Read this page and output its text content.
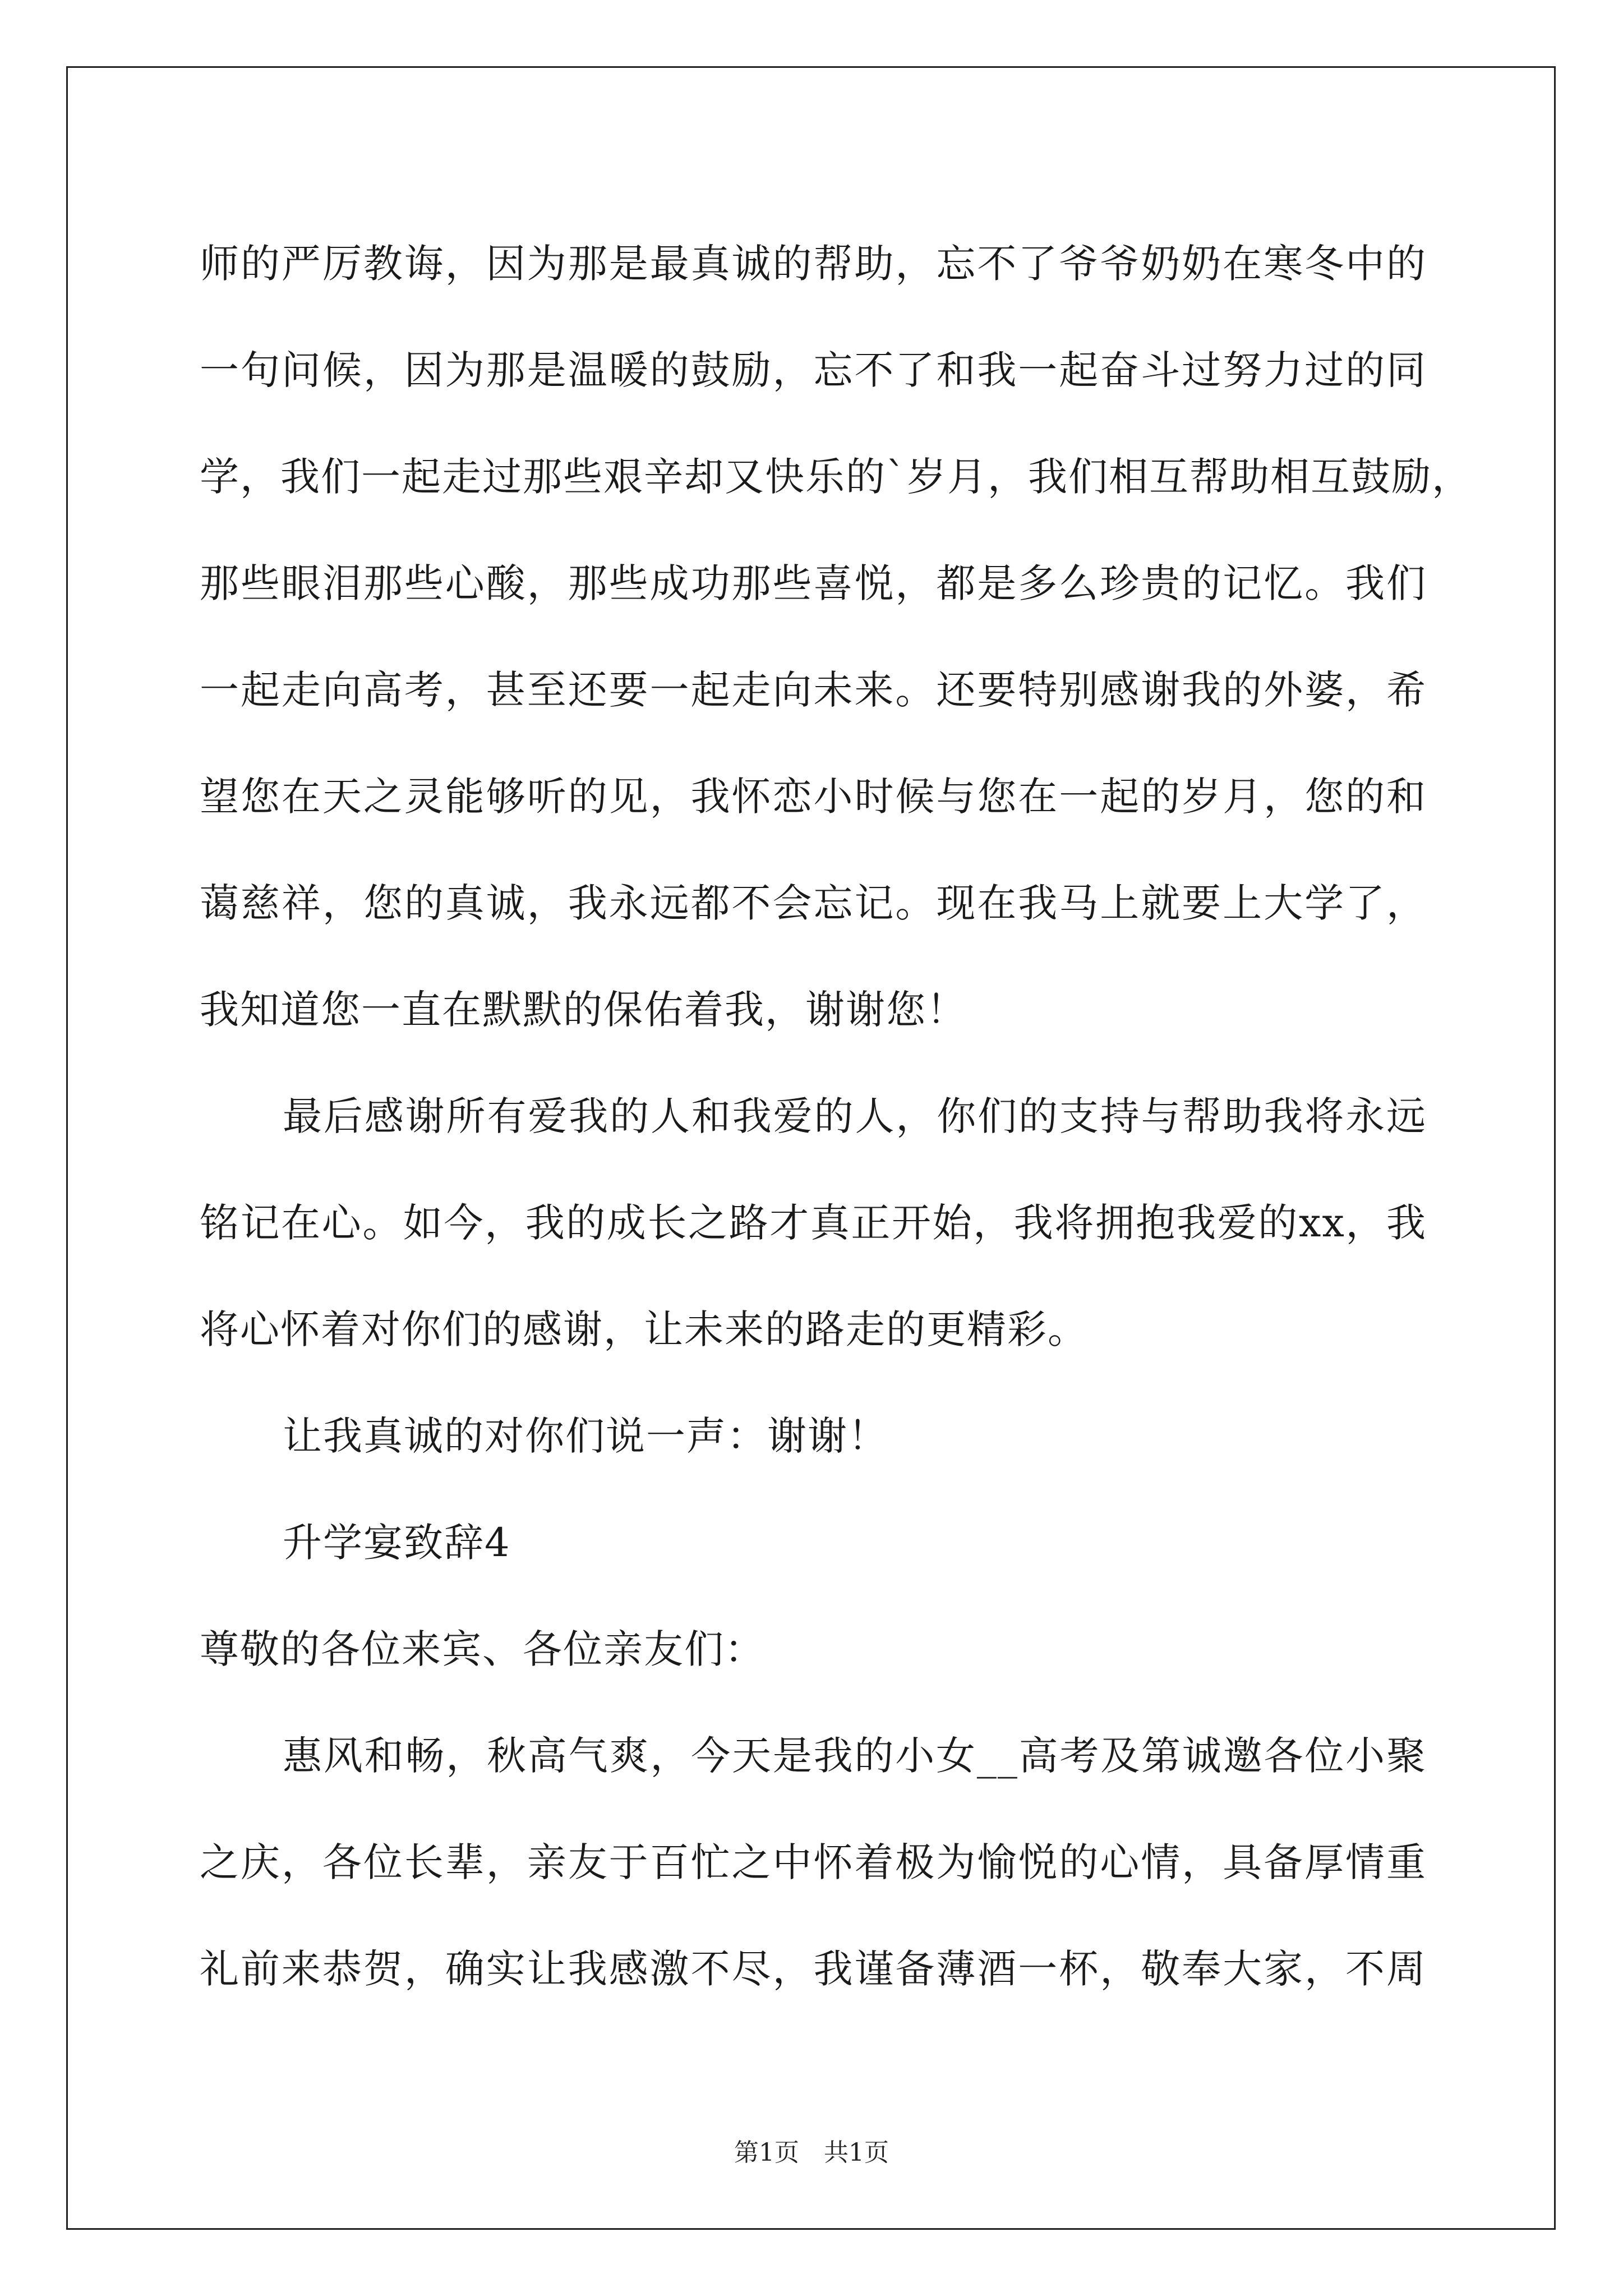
师的严厉教诲，因为那是最真诚的帮助，忘不了爷爷奶奶在寒冬中的
一句问候，因为那是温暖的鼓励，忘不了和我一起奋斗过努力过的同
学，我们一起走过那些艰辛却又快乐的`岁月，我们相互帮助相互鼓励，
那些眼泪那些心酸，那些成功那些喜悦，都是多么珍贵的记忆。我们
一起走向高考，甚至还要一起走向未来。还要特别感谢我的外婆，希
望您在天之灵能够听的见，我怀恋小时候与您在一起的岁月，您的和
蔼慈祥，您的真诚，我永远都不会忘记。现在我马上就要上大学了，
我知道您一直在默默的保佑着我，谢谢您！
最后感谢所有爱我的人和我爱的人，你们的支持与帮助我将永远
铭记在心。如今，我的成长之路才真正开始，我将拥抱我爱的xx，我
将心怀着对你们的感谢，让未来的路走的更精彩。
让我真诚的对你们说一声：谢谢！
升学宴致辞4
尊敬的各位来宾、各位亲友们：
惠风和畅，秋高气爽，今天是我的小女__高考及第诚邀各位小聚
之庆，各位长辈，亲友于百忙之中怀着极为愉悦的心情，具备厚情重
礼前来恭贺，确实让我感激不尽，我谨备薄酒一杯，敬奉大家，不周
第1页　共1页
